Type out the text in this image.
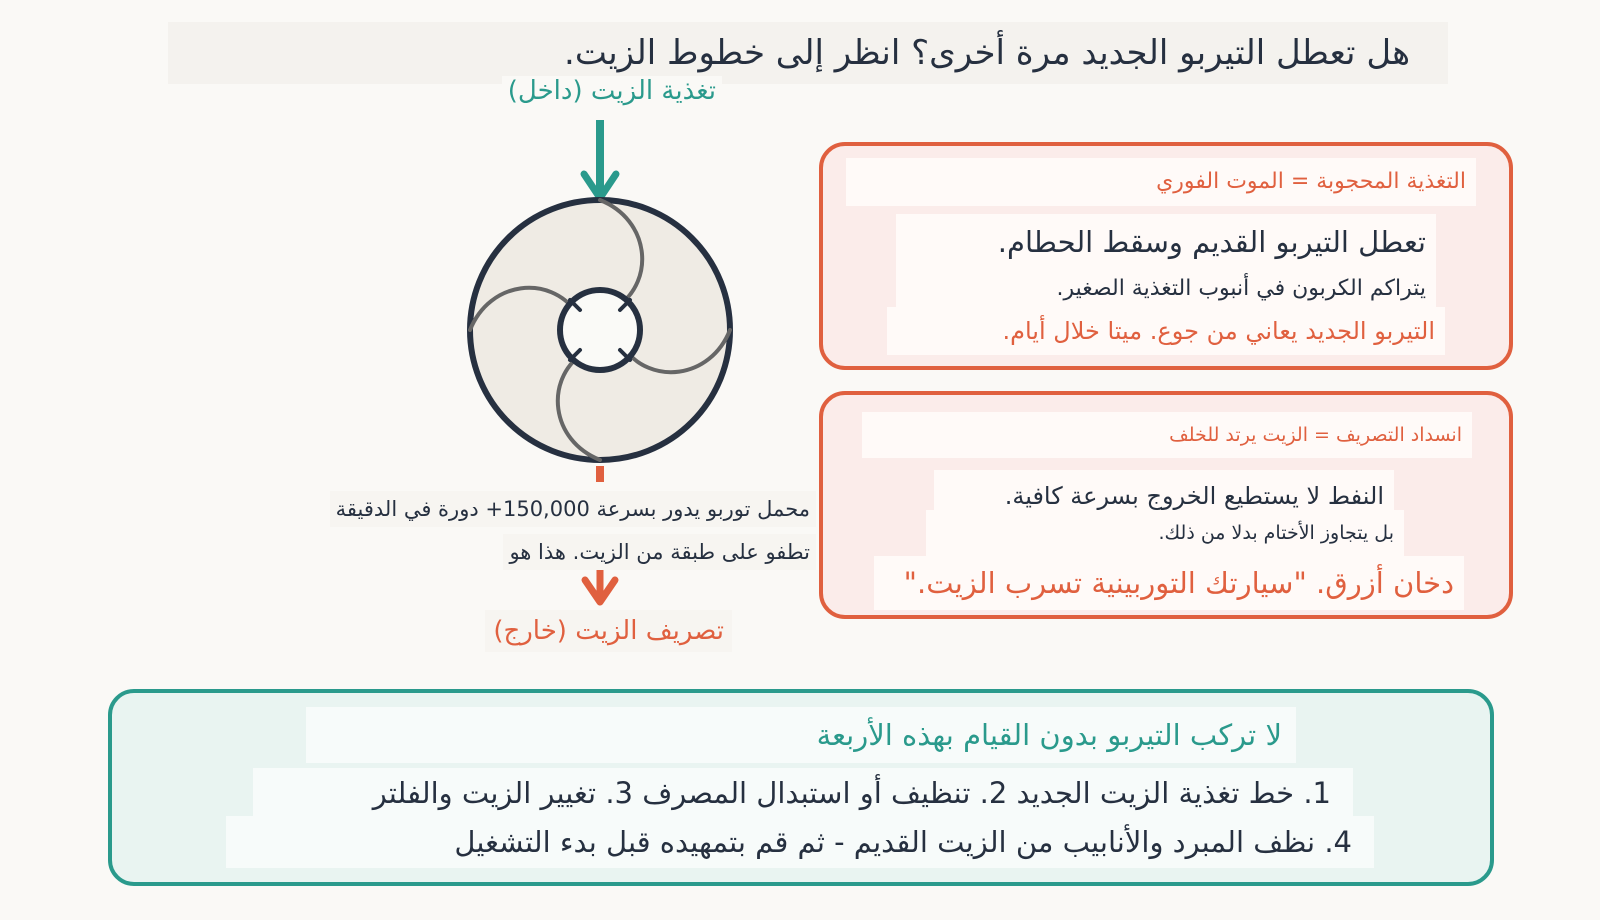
هل تعطل التيربو الجديد مرة أخرى؟ انظر إلى خطوط الزيت.
تغذية الزيت (داخل)
محمل توربو يدور بسرعة 150,000+ دورة في الدقيقة
تطفو على طبقة من الزيت. هذا هو
تصريف الزيت (خارج)
التغذية المحجوبة = الموت الفوري
تعطل التيربو القديم وسقط الحطام.
يتراكم الكربون في أنبوب التغذية الصغير.
التيربو الجديد يعاني من جوع. ميتا خلال أيام.
انسداد التصريف = الزيت يرتد للخلف
النفط لا يستطيع الخروج بسرعة كافية.
بل يتجاوز الأختام بدلا من ذلك.
دخان أزرق. "سيارتك التوربينية تسرب الزيت."
لا تركب التيربو بدون القيام بهذه الأربعة
1. خط تغذية الزيت الجديد 2. تنظيف أو استبدال المصرف 3. تغيير الزيت والفلتر
4. نظف المبرد والأنابيب من الزيت القديم - ثم قم بتمهيده قبل بدء التشغيل
